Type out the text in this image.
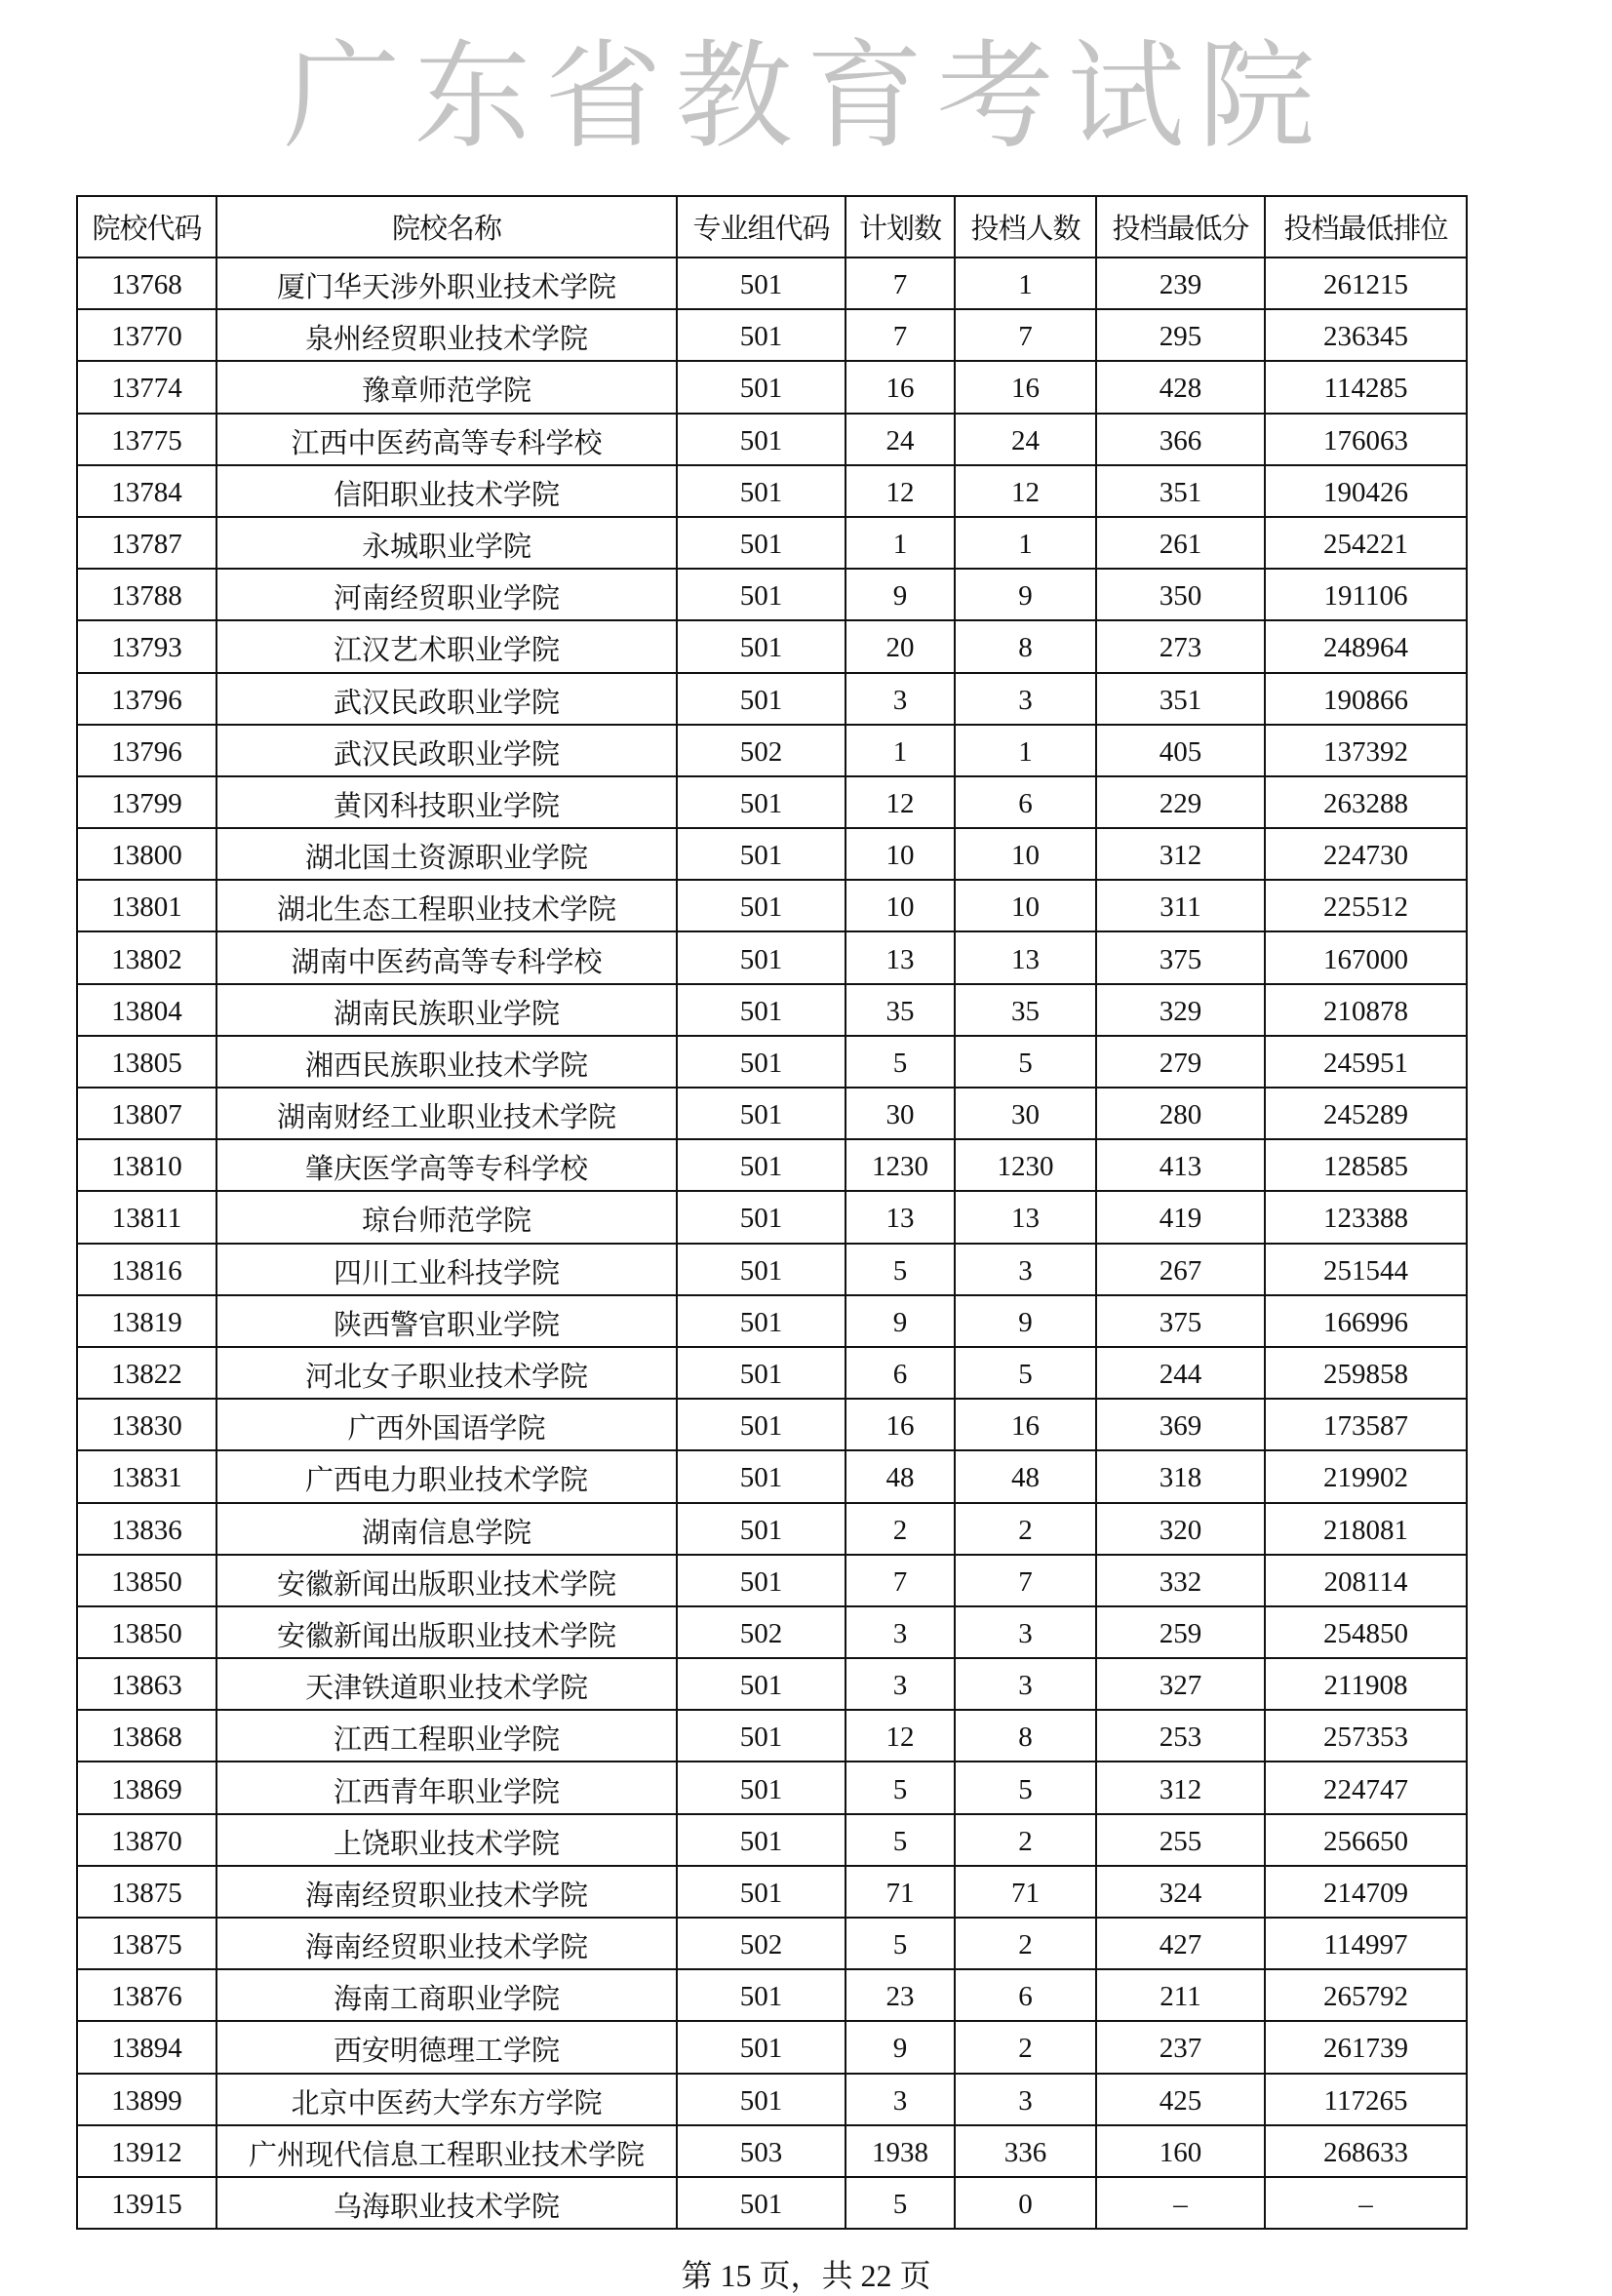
广东省教育考试院
院校代码	院校名称	专业组代码	计划数	投档人数	投档最低分	投档最低排位
13768	厦门华天涉外职业技术学院	501	7	1	239	261215
13770	泉州经贸职业技术学院	501	7	7	295	236345
13774	豫章师范学院	501	16	16	428	114285
13775	江西中医药高等专科学校	501	24	24	366	176063
13784	信阳职业技术学院	501	12	12	351	190426
13787	永城职业学院	501	1	1	261	254221
13788	河南经贸职业学院	501	9	9	350	191106
13793	江汉艺术职业学院	501	20	8	273	248964
13796	武汉民政职业学院	501	3	3	351	190866
13796	武汉民政职业学院	502	1	1	405	137392
13799	黄冈科技职业学院	501	12	6	229	263288
13800	湖北国土资源职业学院	501	10	10	312	224730
13801	湖北生态工程职业技术学院	501	10	10	311	225512
13802	湖南中医药高等专科学校	501	13	13	375	167000
13804	湖南民族职业学院	501	35	35	329	210878
13805	湘西民族职业技术学院	501	5	5	279	245951
13807	湖南财经工业职业技术学院	501	30	30	280	245289
13810	肇庆医学高等专科学校	501	1230	1230	413	128585
13811	琼台师范学院	501	13	13	419	123388
13816	四川工业科技学院	501	5	3	267	251544
13819	陕西警官职业学院	501	9	9	375	166996
13822	河北女子职业技术学院	501	6	5	244	259858
13830	广西外国语学院	501	16	16	369	173587
13831	广西电力职业技术学院	501	48	48	318	219902
13836	湖南信息学院	501	2	2	320	218081
13850	安徽新闻出版职业技术学院	501	7	7	332	208114
13850	安徽新闻出版职业技术学院	502	3	3	259	254850
13863	天津铁道职业技术学院	501	3	3	327	211908
13868	江西工程职业学院	501	12	8	253	257353
13869	江西青年职业学院	501	5	5	312	224747
13870	上饶职业技术学院	501	5	2	255	256650
13875	海南经贸职业技术学院	501	71	71	324	214709
13875	海南经贸职业技术学院	502	5	2	427	114997
13876	海南工商职业学院	501	23	6	211	265792
13894	西安明德理工学院	501	9	2	237	261739
13899	北京中医药大学东方学院	501	3	3	425	117265
13912	广州现代信息工程职业技术学院	503	1938	336	160	268633
13915	乌海职业技术学院	501	5	0	–	–
第 15 页，共 22 页
